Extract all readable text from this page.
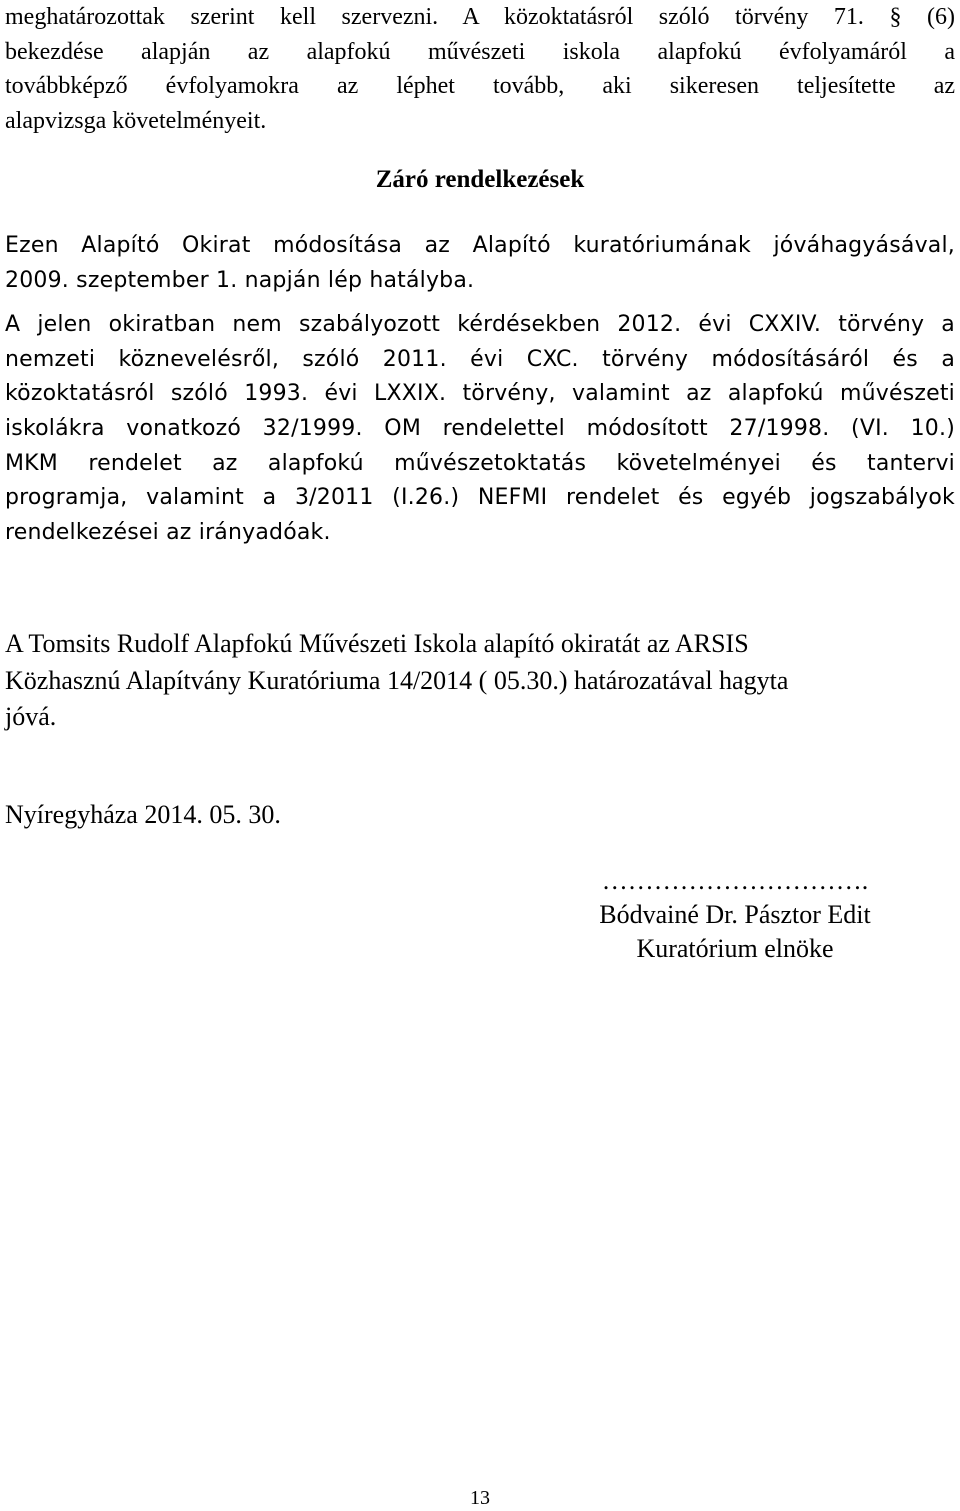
meghatározottak szerint kell szervezni. A közoktatásról szóló törvény 71. § (6)
bekezdése alapján az alapfokú művészeti iskola alapfokú évfolyamáról a
továbbképző évfolyamokra az léphet tovább, aki sikeresen teljesítette az
alapvizsga követelményeit.
Záró rendelkezések
Ezen Alapító Okirat módosítása az Alapító kuratóriumának jóváhagyásával,
2009. szeptember 1. napján lép hatályba.
A jelen okiratban nem szabályozott kérdésekben 2012. évi CXXIV. törvény a
nemzeti köznevelésről, szóló 2011. évi CXC. törvény módosításáról és a
közoktatásról szóló 1993. évi LXXIX. törvény, valamint az alapfokú művészeti
iskolákra vonatkozó 32/1999. OM rendelettel módosított 27/1998. (VI. 10.)
MKM rendelet az alapfokú művészetoktatás követelményei és tantervi
programja, valamint a 3/2011 (I.26.) NEFMI rendelet és egyéb jogszabályok
rendelkezései az irányadóak.
A Tomsits Rudolf Alapfokú Művészeti Iskola alapító okiratát az ARSIS
Közhasznú Alapítvány Kuratóriuma 14/2014 ( 05.30.) határozatával hagyta
jóvá.
Nyíregyháza 2014. 05. 30.
………………………….
Bódvainé Dr. Pásztor Edit
Kuratórium elnöke
13
